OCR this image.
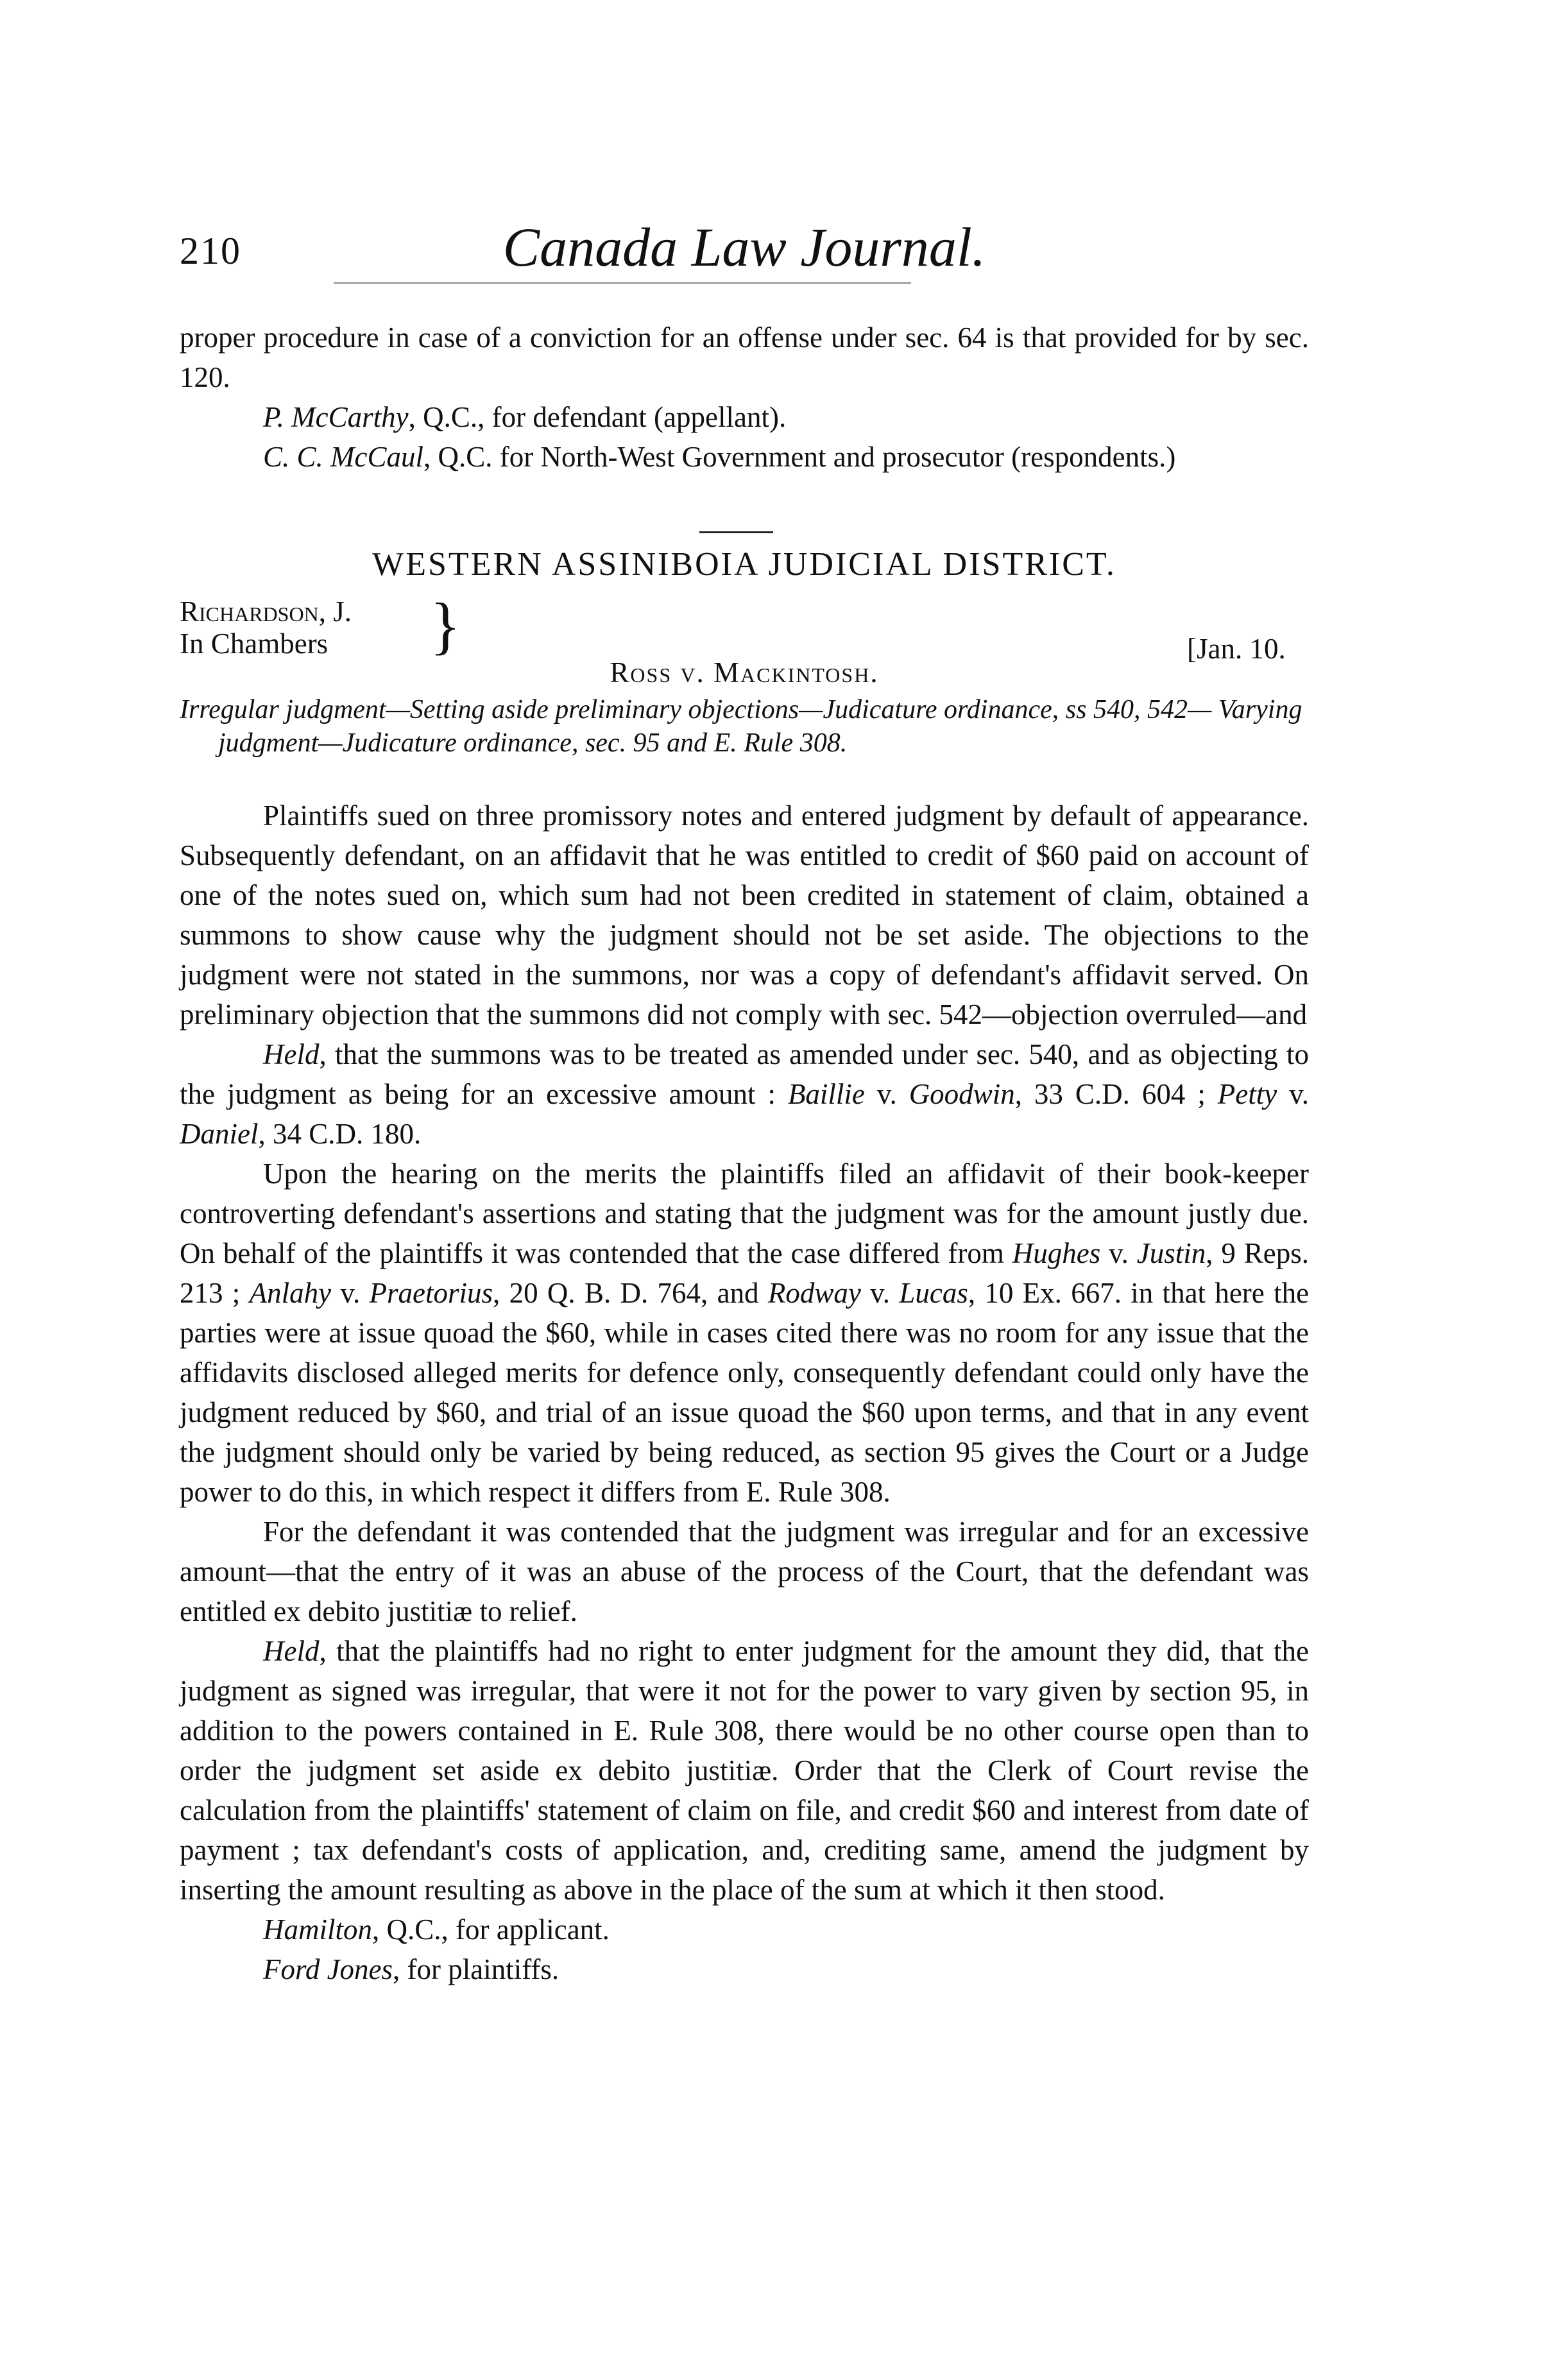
210	Canada Law Journal.

proper procedure in case of a conviction for an offense under sec. 64 is that provided for by sec. 120.

P. McCarthy, Q.C., for defendant (appellant).

C. C. McCaul, Q.C. for North-West Government and prosecutor (respondents.)

WESTERN ASSINIBOIA JUDICIAL DISTRICT.
Richardson, J.
In Chambers	}	[Jan. 10.
Ross v. Mackintosh.
Irregular judgment—Setting aside preliminary objections—Judicature ordinance, ss 540, 542— Varying judgment—Judicature ordinance, sec. 95 and E. Rule 308.

Plaintiffs sued on three promissory notes and entered judgment by default of appearance. Subsequently defendant, on an affidavit that he was entitled to credit of $60 paid on account of one of the notes sued on, which sum had not been credited in statement of claim, obtained a summons to show cause why the judgment should not be set aside. The objections to the judgment were not stated in the summons, nor was a copy of defendant's affidavit served. On preliminary objection that the summons did not comply with sec. 542—objection overruled—and

Held, that the summons was to be treated as amended under sec. 540, and as objecting to the judgment as being for an excessive amount : Baillie v. Goodwin, 33 C.D. 604 ; Petty v. Daniel, 34 C.D. 180.

Upon the hearing on the merits the plaintiffs filed an affidavit of their book-keeper controverting defendant's assertions and stating that the judgment was for the amount justly due. On behalf of the plaintiffs it was contended that the case differed from Hughes v. Justin, 9 Reps. 213 ; Anlahy v. Praetorius, 20 Q. B. D. 764, and Rodway v. Lucas, 10 Ex. 667. in that here the parties were at issue quoad the $60, while in cases cited there was no room for any issue that the affidavits disclosed alleged merits for defence only, consequently defendant could only have the judgment reduced by $60, and trial of an issue quoad the $60 upon terms, and that in any event the judgment should only be varied by being reduced, as section 95 gives the Court or a Judge power to do this, in which respect it differs from E. Rule 308.

For the defendant it was contended that the judgment was irregular and for an excessive amount—that the entry of it was an abuse of the process of the Court, that the defendant was entitled ex debito justitiæ to relief.

Held, that the plaintiffs had no right to enter judgment for the amount they did, that the judgment as signed was irregular, that were it not for the power to vary given by section 95, in addition to the powers contained in E. Rule 308, there would be no other course open than to order the judgment set aside ex debito justitiæ. Order that the Clerk of Court revise the calculation from the plaintiffs' statement of claim on file, and credit $60 and interest from date of payment ; tax defendant's costs of application, and, crediting same, amend the judgment by inserting the amount resulting as above in the place of the sum at which it then stood.

Hamilton, Q.C., for applicant.

Ford Jones, for plaintiffs.
